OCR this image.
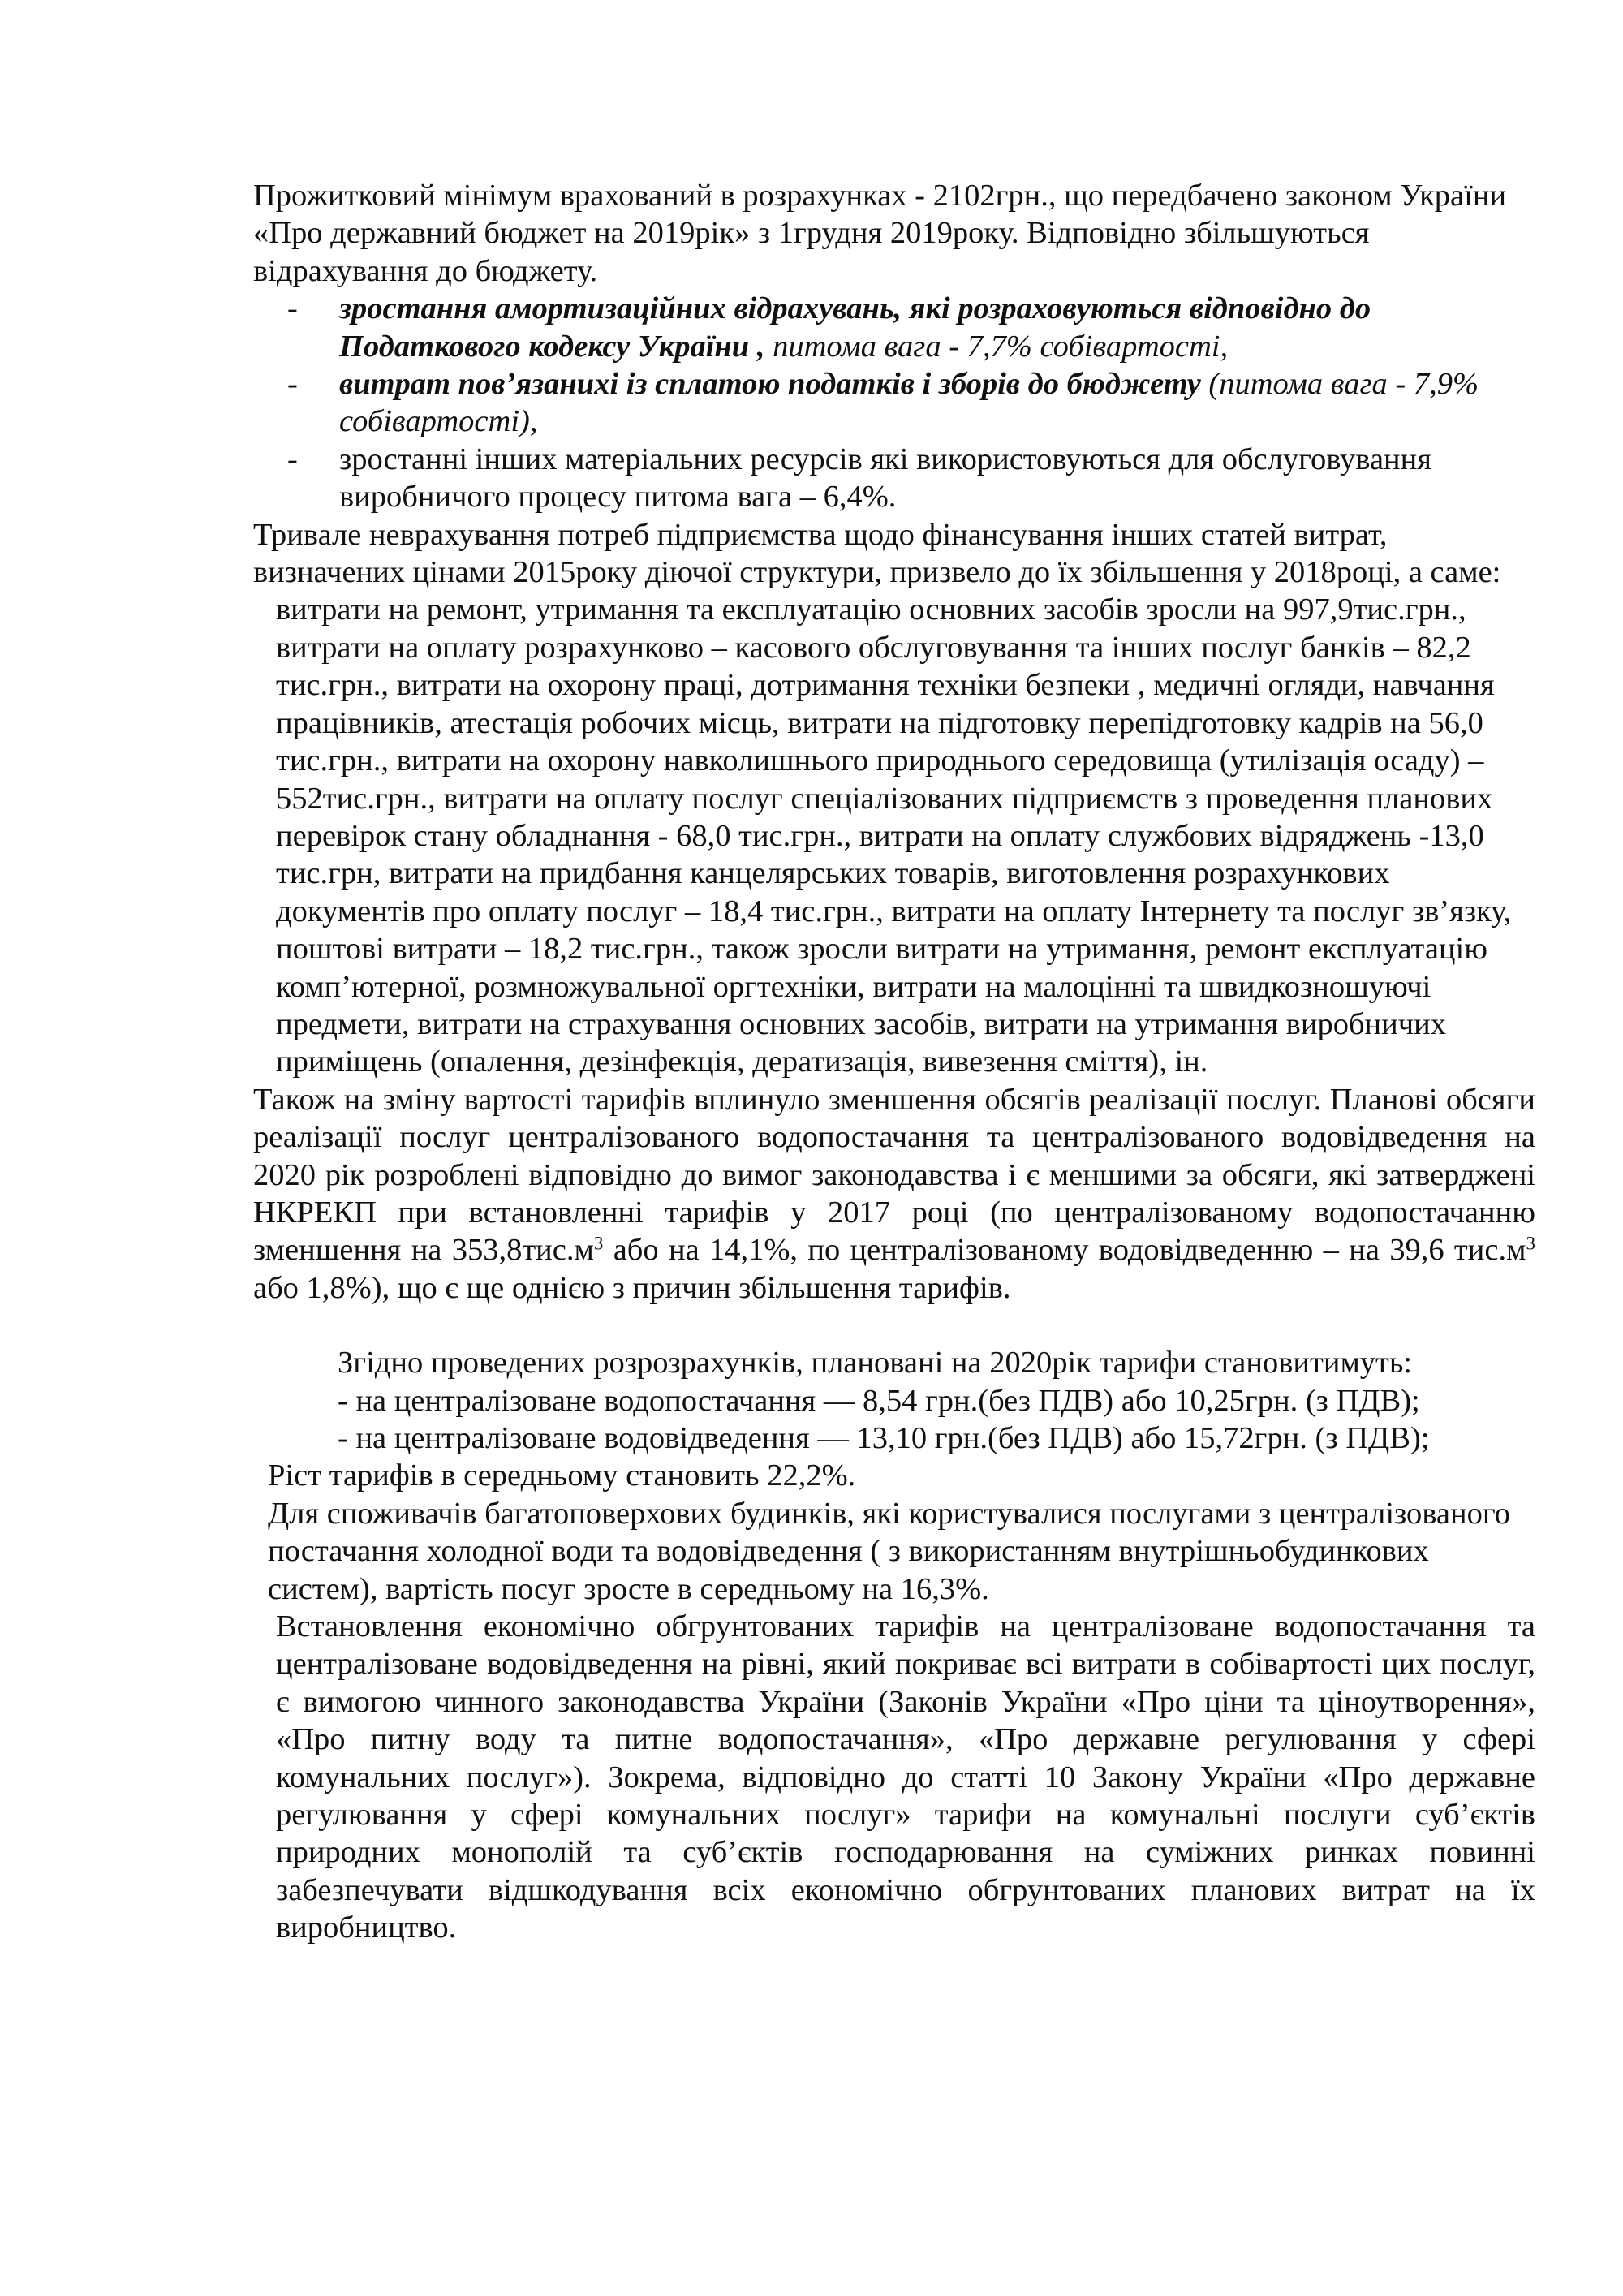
Прожитковий мінімум врахований в розрахунках - 2102грн., що передбачено законом України «Про державний бюджет на 2019рік» з 1грудня 2019року. Відповідно збільшуються відрахування до бюджету.

- зростання амортизаційних відрахувань, які розраховуються відповідно до Податкового кодексу України , питома вага - 7,7% собівартості,
- витрат пов’язанихі із сплатою податків і зборів до бюджету (питома вага - 7,9% собівартості),
- зростанні інших матеріальних ресурсів які використовуються для обслуговування виробничого процесу питома вага – 6,4%.

Тривале неврахування потреб підприємства щодо фінансування інших статей витрат, визначених цінами 2015року діючої структури, призвело до їх збільшення у 2018році, а саме:

витрати на ремонт, утримання та експлуатацію основних засобів зросли на 997,9тис.грн., витрати на оплату розрахунково – касового обслуговування та інших послуг банків – 82,2 тис.грн., витрати на охорону праці, дотримання техніки безпеки , медичні огляди, навчання працівників, атестація робочих місць, витрати на підготовку перепідготовку кадрів на 56,0 тис.грн., витрати на охорону навколишнього природнього середовища (утилізація осаду) – 552тис.грн., витрати на оплату послуг спеціалізованих підприємств з проведення планових перевірок стану обладнання - 68,0 тис.грн., витрати на оплату службових відряджень -13,0 тис.грн, витрати на придбання канцелярських товарів, виготовлення розрахункових документів про оплату послуг – 18,4 тис.грн., витрати на оплату Інтернету та послуг зв’язку, поштові витрати – 18,2 тис.грн., також зросли витрати на утримання, ремонт експлуатацію комп’ютерної, розмножувальної оргтехніки, витрати на малоцінні та швидкозношуючі предмети, витрати на страхування основних засобів, витрати на утримання виробничих приміщень (опалення, дезінфекція, дератизація, вивезення сміття), ін.

Також на зміну вартості тарифів вплинуло зменшення обсягів реалізації послуг. Планові обсяги реалізації послуг централізованого водопостачання та централізованого водовідведення на 2020 рік розроблені відповідно до вимог законодавства і є меншими за обсяги, які затверджені НКРЕКП при встановленні тарифів у 2017 році (по централізованому водопостачанню зменшення на $353,8тис.м^3$ або на 14,1%, по централізованому водовідведенню – на 39,6 $тис.м^3$ або 1,8%), що є ще однією з причин збільшення тарифів.

Згідно проведених розрозрахунків, плановані на 2020рік тарифи становитимуть:

- на централізоване водопостачання — 8,54 грн.(без ПДВ) або 10,25грн. (з ПДВ);

- на централізоване водовідведення — 13,10 грн.(без ПДВ) або 15,72грн. (з ПДВ);

Ріст тарифів в середньому становить 22,2%.

Для споживачів багатоповерхових будинків, які користувалися послугами з централізованого постачання холодної води та водовідведення ( з використанням внутрішньобудинкових систем), вартість посуг зросте в середньому на 16,3%.

Встановлення економічно обгрунтованих тарифів на централізоване водопостачання та централізоване водовідведення на рівні, який покриває всі витрати в собівартості цих послуг, є вимогою чинного законодавства України (Законів України «Про ціни та ціноутворення», «Про питну воду та питне водопостачання», «Про державне регулювання у сфері комунальних послуг»). Зокрема, відповідно до статті 10 Закону України «Про державне регулювання у сфері комунальних послуг» тарифи на комунальні послуги суб’єктів природних монополій та суб’єктів господарювання на суміжних ринках повинні забезпечувати відшкодування всіх економічно обгрунтованих планових витрат на їх виробництво.
